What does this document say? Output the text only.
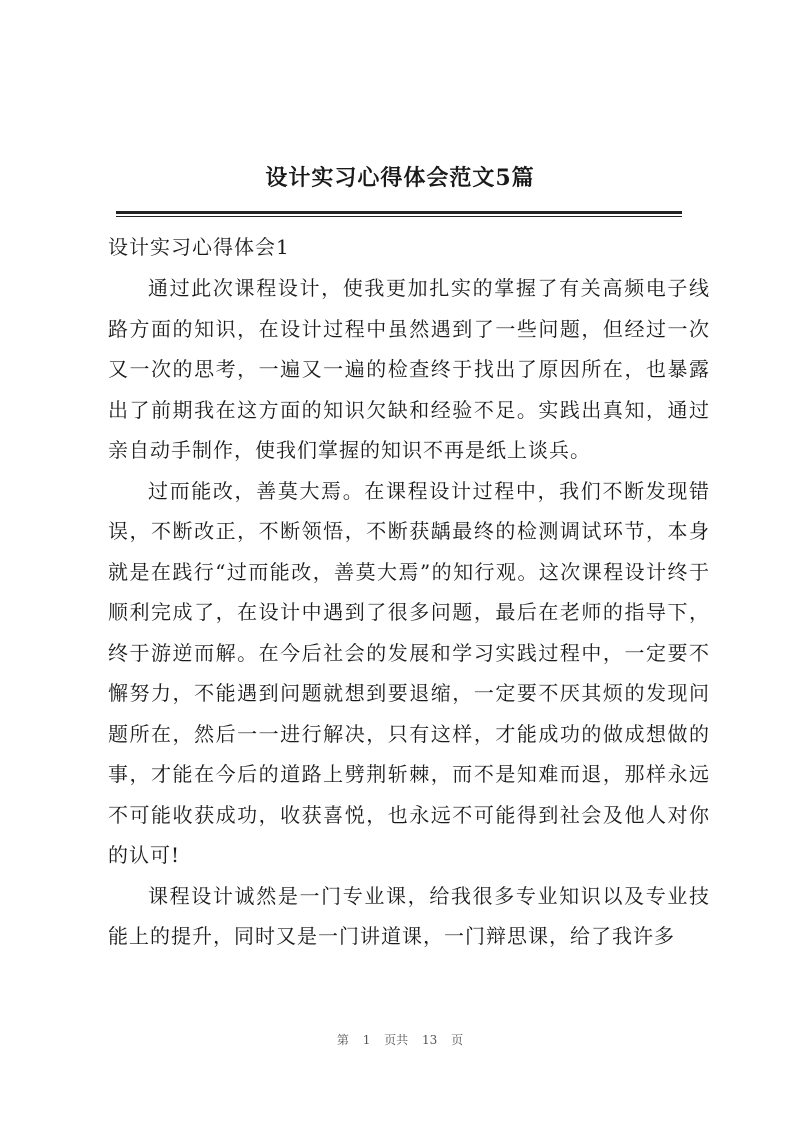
设计实习心得体会范文5篇
设计实习心得体会1

通过此次课程设计，使我更加扎实的掌握了有关高频电子线路方面的知识，在设计过程中虽然遇到了一些问题，但经过一次又一次的思考，一遍又一遍的检查终于找出了原因所在，也暴露出了前期我在这方面的知识欠缺和经验不足。实践出真知，通过亲自动手制作，使我们掌握的知识不再是纸上谈兵。

过而能改，善莫大焉。在课程设计过程中，我们不断发现错误，不断改正，不断领悟，不断获龋最终的检测调试环节，本身就是在践行“过而能改，善莫大焉”的知行观。这次课程设计终于顺利完成了，在设计中遇到了很多问题，最后在老师的指导下，终于游逆而解。在今后社会的发展和学习实践过程中，一定要不懈努力，不能遇到问题就想到要退缩，一定要不厌其烦的发现问题所在，然后一一进行解决，只有这样，才能成功的做成想做的事，才能在今后的道路上劈荆斩棘，而不是知难而退，那样永远不可能收获成功，收获喜悦，也永远不可能得到社会及他人对你的认可!

课程设计诚然是一门专业课，给我很多专业知识以及专业技能上的提升，同时又是一门讲道课，一门辩思课，给了我许多

第 1 页共 13 页
